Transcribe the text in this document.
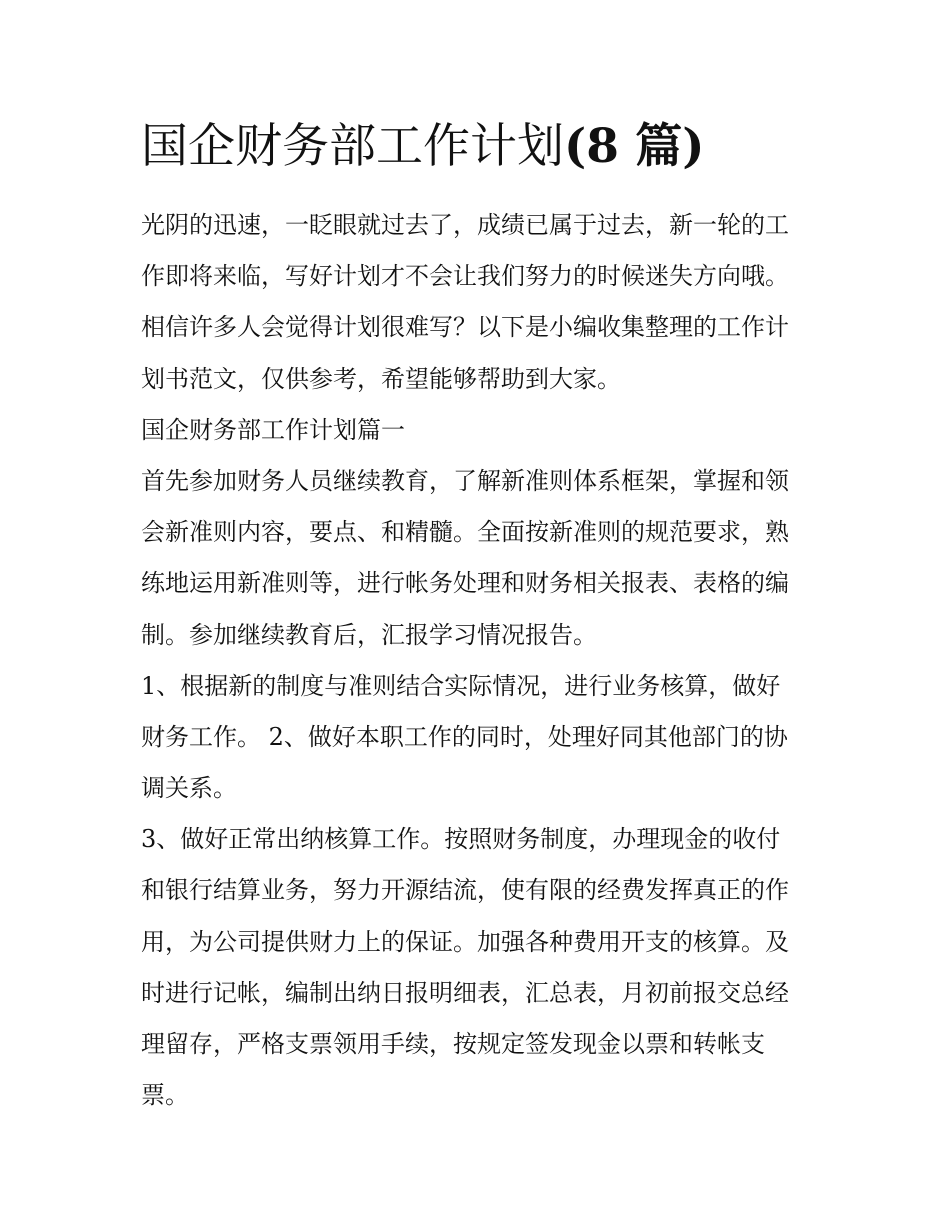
国企财务部工作计划(8 篇)
光阴的迅速，一眨眼就过去了，成绩已属于过去，新一轮的工
作即将来临，写好计划才不会让我们努力的时候迷失方向哦。
相信许多人会觉得计划很难写？以下是小编收集整理的工作计
划书范文，仅供参考，希望能够帮助到大家。
国企财务部工作计划篇一
首先参加财务人员继续教育，了解新准则体系框架，掌握和领
会新准则内容，要点、和精髓。全面按新准则的规范要求，熟
练地运用新准则等，进行帐务处理和财务相关报表、表格的编
制。参加继续教育后，汇报学习情况报告。
1、根据新的制度与准则结合实际情况，进行业务核算，做好
财务工作。 2、做好本职工作的同时，处理好同其他部门的协
调关系。
3、做好正常出纳核算工作。按照财务制度，办理现金的收付
和银行结算业务，努力开源结流，使有限的经费发挥真正的作
用，为公司提供财力上的保证。加强各种费用开支的核算。及
时进行记帐，编制出纳日报明细表，汇总表，月初前报交总经
理留存，严格支票领用手续，按规定签发现金以票和转帐支
票。
